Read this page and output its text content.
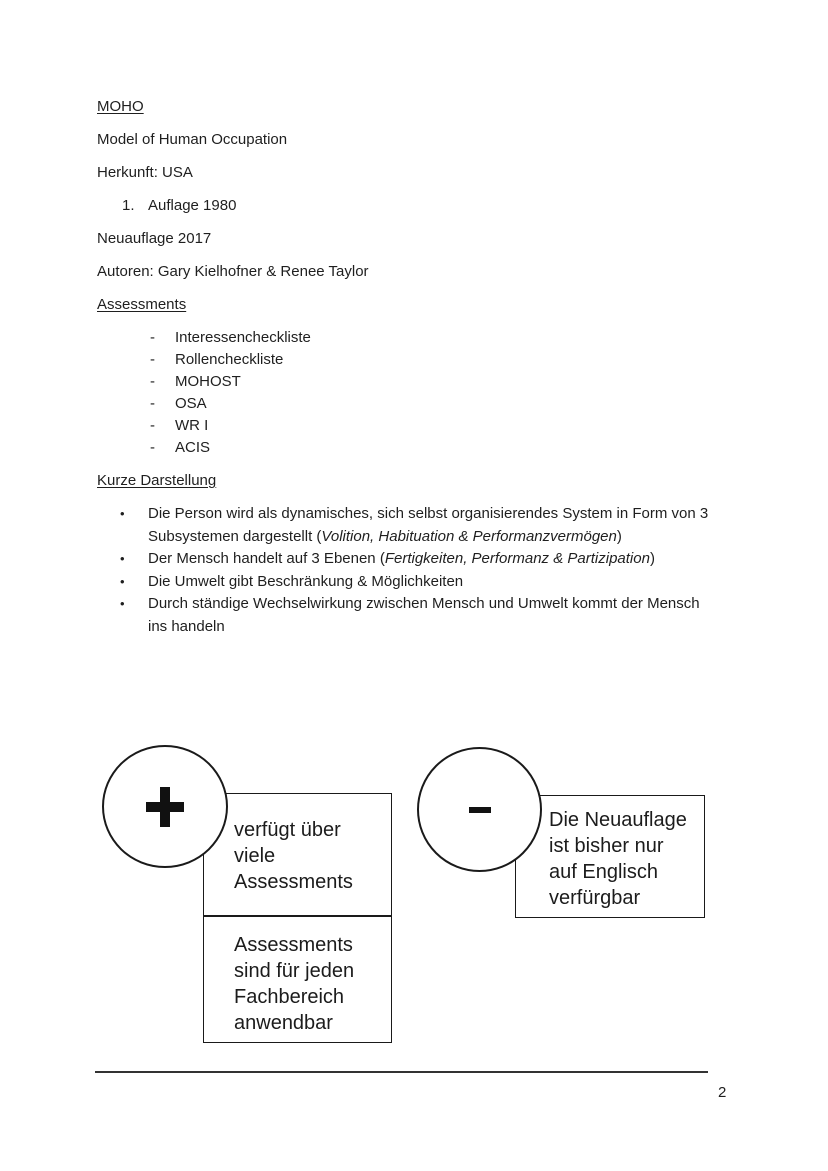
MOHO

Model of Human Occupation

Herkunft: USA

1. Auflage 1980

Neuauflage 2017

Autoren: Gary Kielhofner & Renee Taylor

Assessments
-	Interessencheckliste
-	Rollencheckliste
-	MOHOST
-	OSA
-	WR I
-	ACIS
Kurze Darstellung
•	Die Person wird als dynamisches, sich selbst organisierendes System in Form von 3 Subsystemen dargestellt (Volition, Habituation & Performanzvermögen)
•	Der Mensch handelt auf 3 Ebenen (Fertigkeiten, Performanz & Partizipation)
•	Die Umwelt gibt Beschränkung & Möglichkeiten
•	Durch ständige Wechselwirkung zwischen Mensch und Umwelt kommt der Mensch ins handeln
verfügt über viele Assessments
Assessments sind für jeden Fachbereich anwendbar
Die Neuauflage ist bisher nur auf Englisch verfürgbar
2
